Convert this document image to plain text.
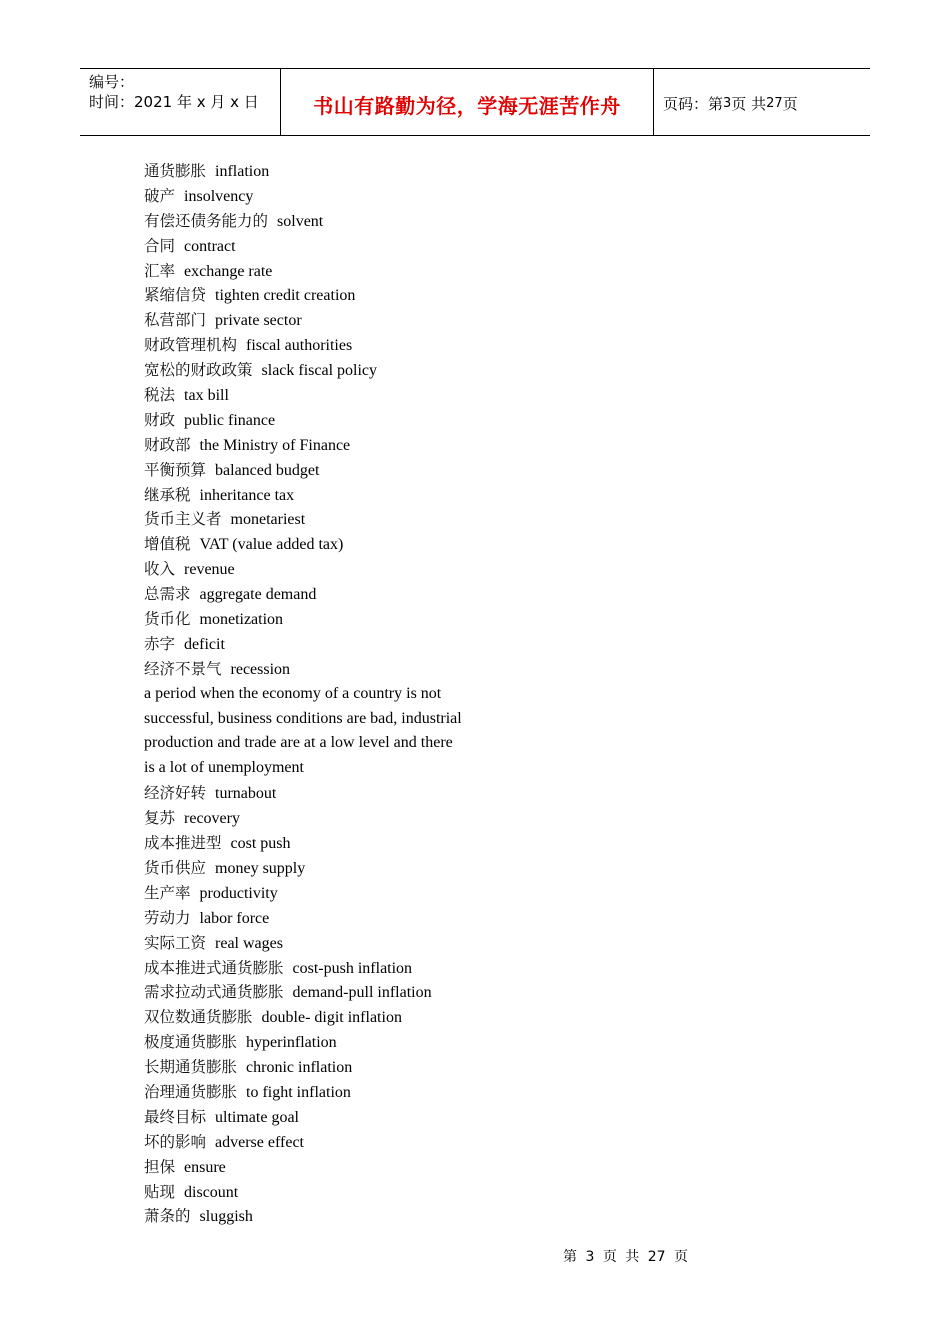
编号：
时间：2021 年 x 月 x 日	书山有路勤为径，学海无涯苦作舟	页码：第 3 页 共 27 页
通货膨胀 inflation
破产 insolvency
有偿还债务能力的 solvent
合同 contract
汇率 exchange rate
紧缩信贷 tighten credit creation
私营部门 private sector
财政管理机构 fiscal authorities
宽松的财政政策 slack fiscal policy
税法 tax bill
财政 public finance
财政部 the Ministry of Finance
平衡预算 balanced budget
继承税 inheritance tax
货币主义者 monetariest
增值税 VAT (value added tax)
收入 revenue
总需求 aggregate demand
货币化 monetization
赤字 deficit
经济不景气 recession
a period when the economy of a country is not
successful, business conditions are bad, industrial
production and trade are at a low level and there
is a lot of unemployment
经济好转 turnabout
复苏 recovery
成本推进型 cost push
货币供应 money supply
生产率 productivity
劳动力 labor force
实际工资 real wages
成本推进式通货膨胀 cost-push inflation
需求拉动式通货膨胀 demand-pull inflation
双位数通货膨胀 double- digit inflation
极度通货膨胀 hyperinflation
长期通货膨胀 chronic inflation
治理通货膨胀 to fight inflation
最终目标 ultimate goal
坏的影响 adverse effect
担保 ensure
贴现 discount
萧条的 sluggish
第 3 页 共 27 页
